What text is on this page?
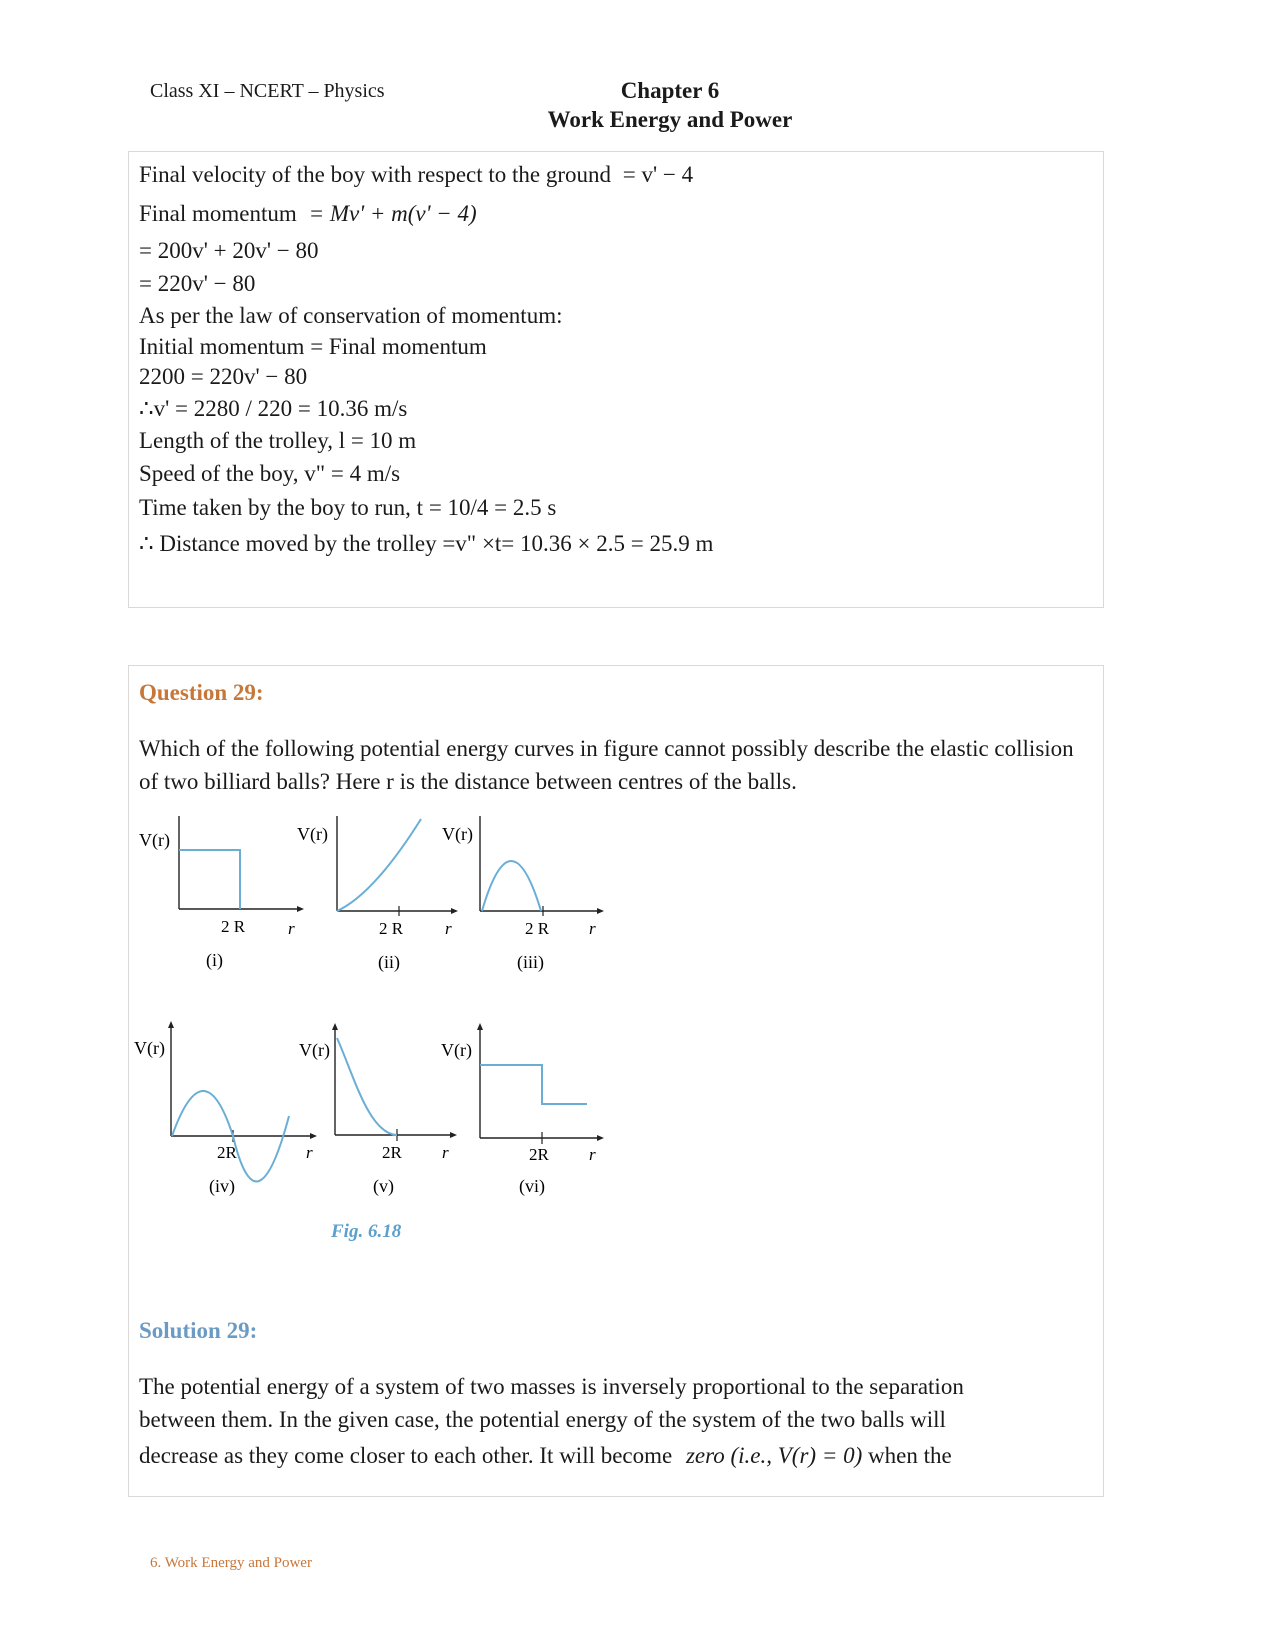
Class XI – NCERT – Physics	Chapter 6
Work Energy and Power
Final velocity of the boy with respect to the ground = v' − 4
Final momentum = Mv' + m(v' − 4)
= 200v' + 20v' − 80
= 220v' − 80
As per the law of conservation of momentum:
Initial momentum = Final momentum
2200 = 220v' − 80
∴v' = 2280 / 220 = 10.36 m/s
Length of the trolley, l = 10 m
Speed of the boy, v" = 4 m/s
Time taken by the boy to run, t = 10/4 = 2.5 s
∴ Distance moved by the trolley =v" ×t= 10.36 × 2.5 = 25.9 m
Question 29:
Which of the following potential energy curves in figure cannot possibly describe the elastic collision of two billiard balls? Here r is the distance between centres of the balls.
V(r)
2 R	r
(i)
V(r)
2 R r
(ii)
V(r)
2 R r
(iii)
V(r)
2R	r
(iv)
V(r)
2R r
(v)
V(r)
2R r
(vi)
Fig. 6.18
Solution 29:
The potential energy of a system of two masses is inversely proportional to the separation
between them. In the given case, the potential energy of the system of the two balls will
decrease as they come closer to each other. It will become zero (i.e., V(r) = 0) when the
6. Work Energy and Power
